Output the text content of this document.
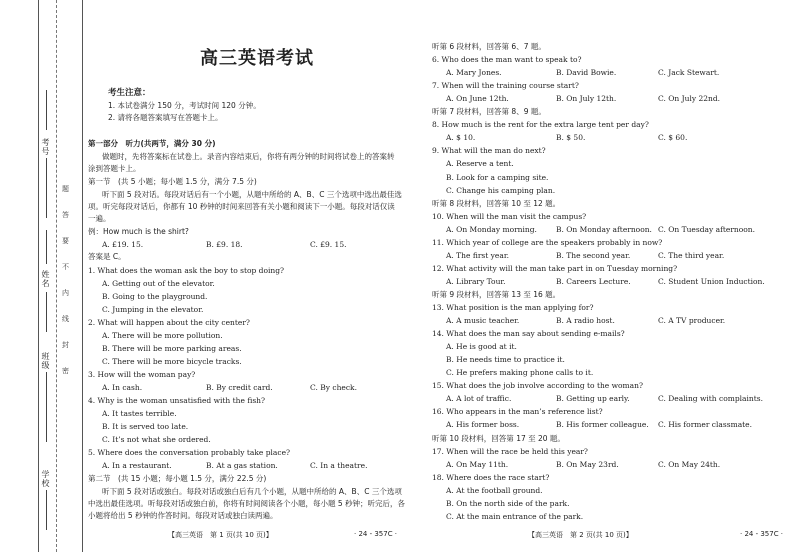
考号
姓名
班级
学校
题
答
要
不
内
线
封
密
高三英语考试
考生注意：
1. 本试卷满分 150 分，考试时间 120 分钟。
2. 请将各题答案填写在答题卡上。
第一部分　听力(共两节，满分 30 分)
做题时，先将答案标在试卷上。录音内容结束后，你将有两分钟的时间将试卷上的答案转
涂到答题卡上。
第一节　(共 5 小题；每小题 1.5 分，满分 7.5 分)
听下面 5 段对话。每段对话后有一个小题，从题中所给的 A、B、C 三个选项中选出最佳选
项。听完每段对话后，你都有 10 秒钟的时间来回答有关小题和阅读下一小题。每段对话仅读
一遍。
例：How much is the shirt?
A. £19. 15.	B. £9. 18.	C. £9. 15.
答案是 C。
1. What does the woman ask the boy to stop doing?
A. Getting out of the elevator.
B. Going to the playground.
C. Jumping in the elevator.
2. What will happen about the city center?
A. There will be more pollution.
B. There will be more parking areas.
C. There will be more bicycle tracks.
3. How will the woman pay?
A. In cash.	B. By credit card.	C. By check.
4. Why is the woman unsatisfied with the fish?
A. It tastes terrible.
B. It is served too late.
C. It’s not what she ordered.
5. Where does the conversation probably take place?
A. In a restaurant.	B. At a gas station.	C. In a theatre.
第二节　(共 15 小题；每小题 1.5 分，满分 22.5 分)
听下面 5 段对话或独白。每段对话或独白后有几个小题，从题中所给的 A、B、C 三个选项
中选出最佳选项。听每段对话或独白前，你将有时间阅读各个小题，每小题 5 秒钟；听完后，各
小题将给出 5 秒钟的作答时间。每段对话或独白读两遍。
【高三英语　第 1 页(共 10 页)】	· 24 - 357C ·
听第 6 段材料，回答第 6、7 题。
6. Who does the man want to speak to?
A. Mary Jones.	B. David Bowie.	C. Jack Stewart.
7. When will the training course start?
A. On June 12th.	B. On July 12th.	C. On July 22nd.
听第 7 段材料，回答第 8、9 题。
8. How much is the rent for the extra large tent per day?
A. $ 10.	B. $ 50.	C. $ 60.
9. What will the man do next?
A. Reserve a tent.
B. Look for a camping site.
C. Change his camping plan.
听第 8 段材料，回答第 10 至 12 题。
10. When will the man visit the campus?
A. On Monday morning.	B. On Monday afternoon. C. On Tuesday afternoon.
11. Which year of college are the speakers probably in now?
A. The first year.	B. The second year.	C. The third year.
12. What activity will the man take part in on Tuesday morning?
A. Library Tour.	B. Careers Lecture.	C. Student Union Induction.
听第 9 段材料，回答第 13 至 16 题。
13. What position is the man applying for?
A. A music teacher.	B. A radio host.	C. A TV producer.
14. What does the man say about sending e-mails?
A. He is good at it.
B. He needs time to practice it.
C. He prefers making phone calls to it.
15. What does the job involve according to the woman?
A. A lot of traffic.	B. Getting up early.	C. Dealing with complaints.
16. Who appears in the man’s reference list?
A. His former boss.	B. His former colleague. C. His former classmate.
听第 10 段材料，回答第 17 至 20 题。
17. When will the race be held this year?
A. On May 11th.	B. On May 23rd.	C. On May 24th.
18. Where does the race start?
A. At the football ground.
B. On the north side of the park.
C. At the main entrance of the park.
【高三英语　第 2 页(共 10 页)】	· 24 - 357C ·
